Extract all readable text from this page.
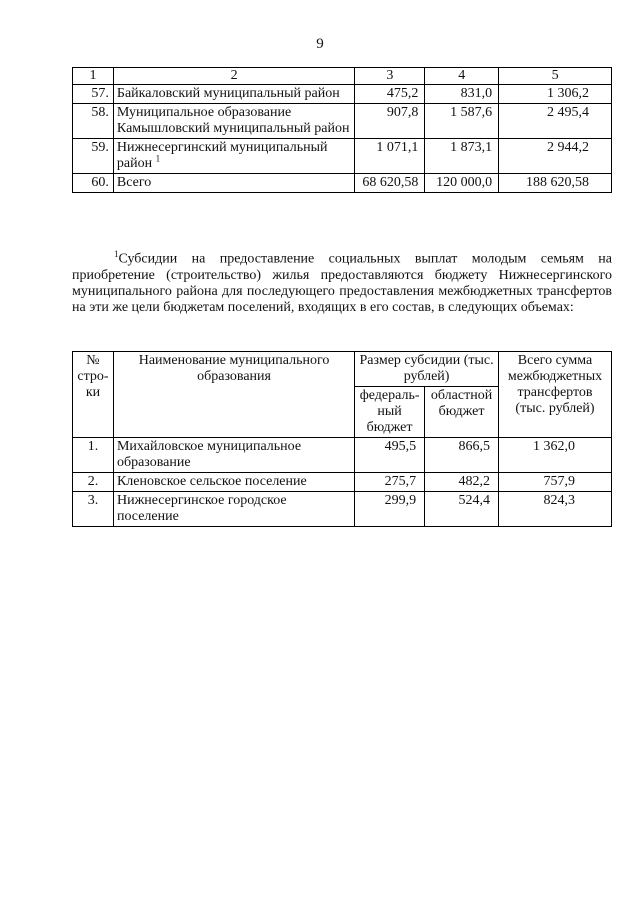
9
1	2	3	4	5
57.	Байкаловский муниципальный район	475,2	831,0	1 306,2
58.	Муниципальное образование Камышловский муниципальный район	907,8	1 587,6	2 495,4
59.	Нижнесергинский муниципальный район $^1$	1 071,1	1 873,1	2 944,2
60.	Всего	68 620,58	120 000,0	188 620,58
$^1$Субсидии на предоставление социальных выплат молодым семьям на приобретение (строительство) жилья предоставляются бюджету Нижнесергинского муниципального района для последующего предоставления межбюджетных трансфертов на эти же цели бюджетам поселений, входящих в его состав, в следующих объемах:
№ стро-ки	Наименование муниципального образования	Размер субсидии (тыс. рублей)		Всего сумма межбюджетных трансфертов (тыс. рублей)
		федераль-ный бюджет	областной бюджет	
1.	Михайловское муниципальное образование	495,5	866,5	1 362,0
2.	Кленовское сельское поселение	275,7	482,2	757,9
3.	Нижнесергинское городское поселение	299,9	524,4	824,3
